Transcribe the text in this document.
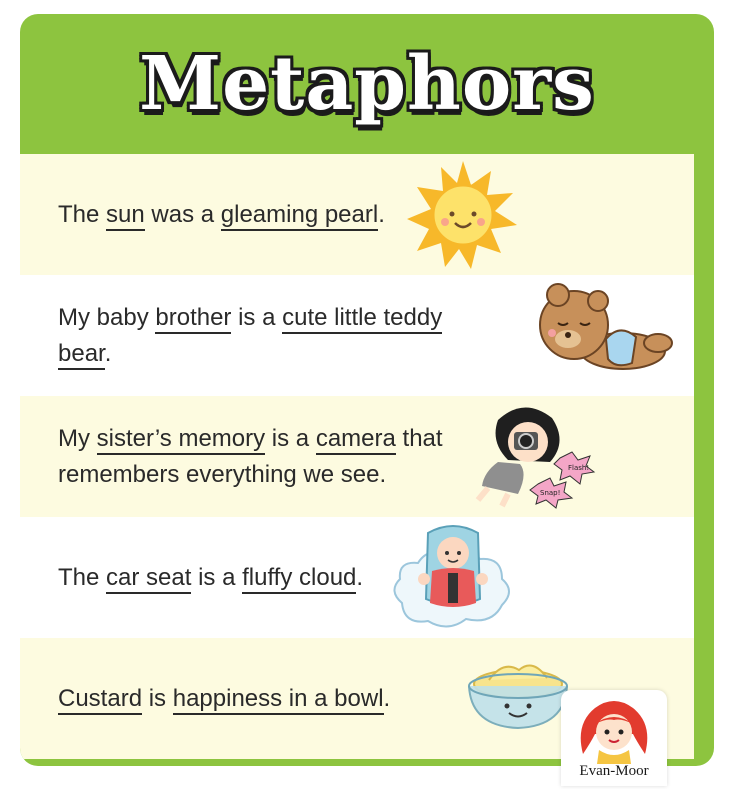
Metaphors
The sun was a gleaming pearl.
My baby brother is a cute little teddy bear.
My sister’s memory is a camera that remembers everything we see.	Flash!
Snap!
The car seat is a fluffy cloud.
Custard is happiness in a bowl.
Evan-Moor
